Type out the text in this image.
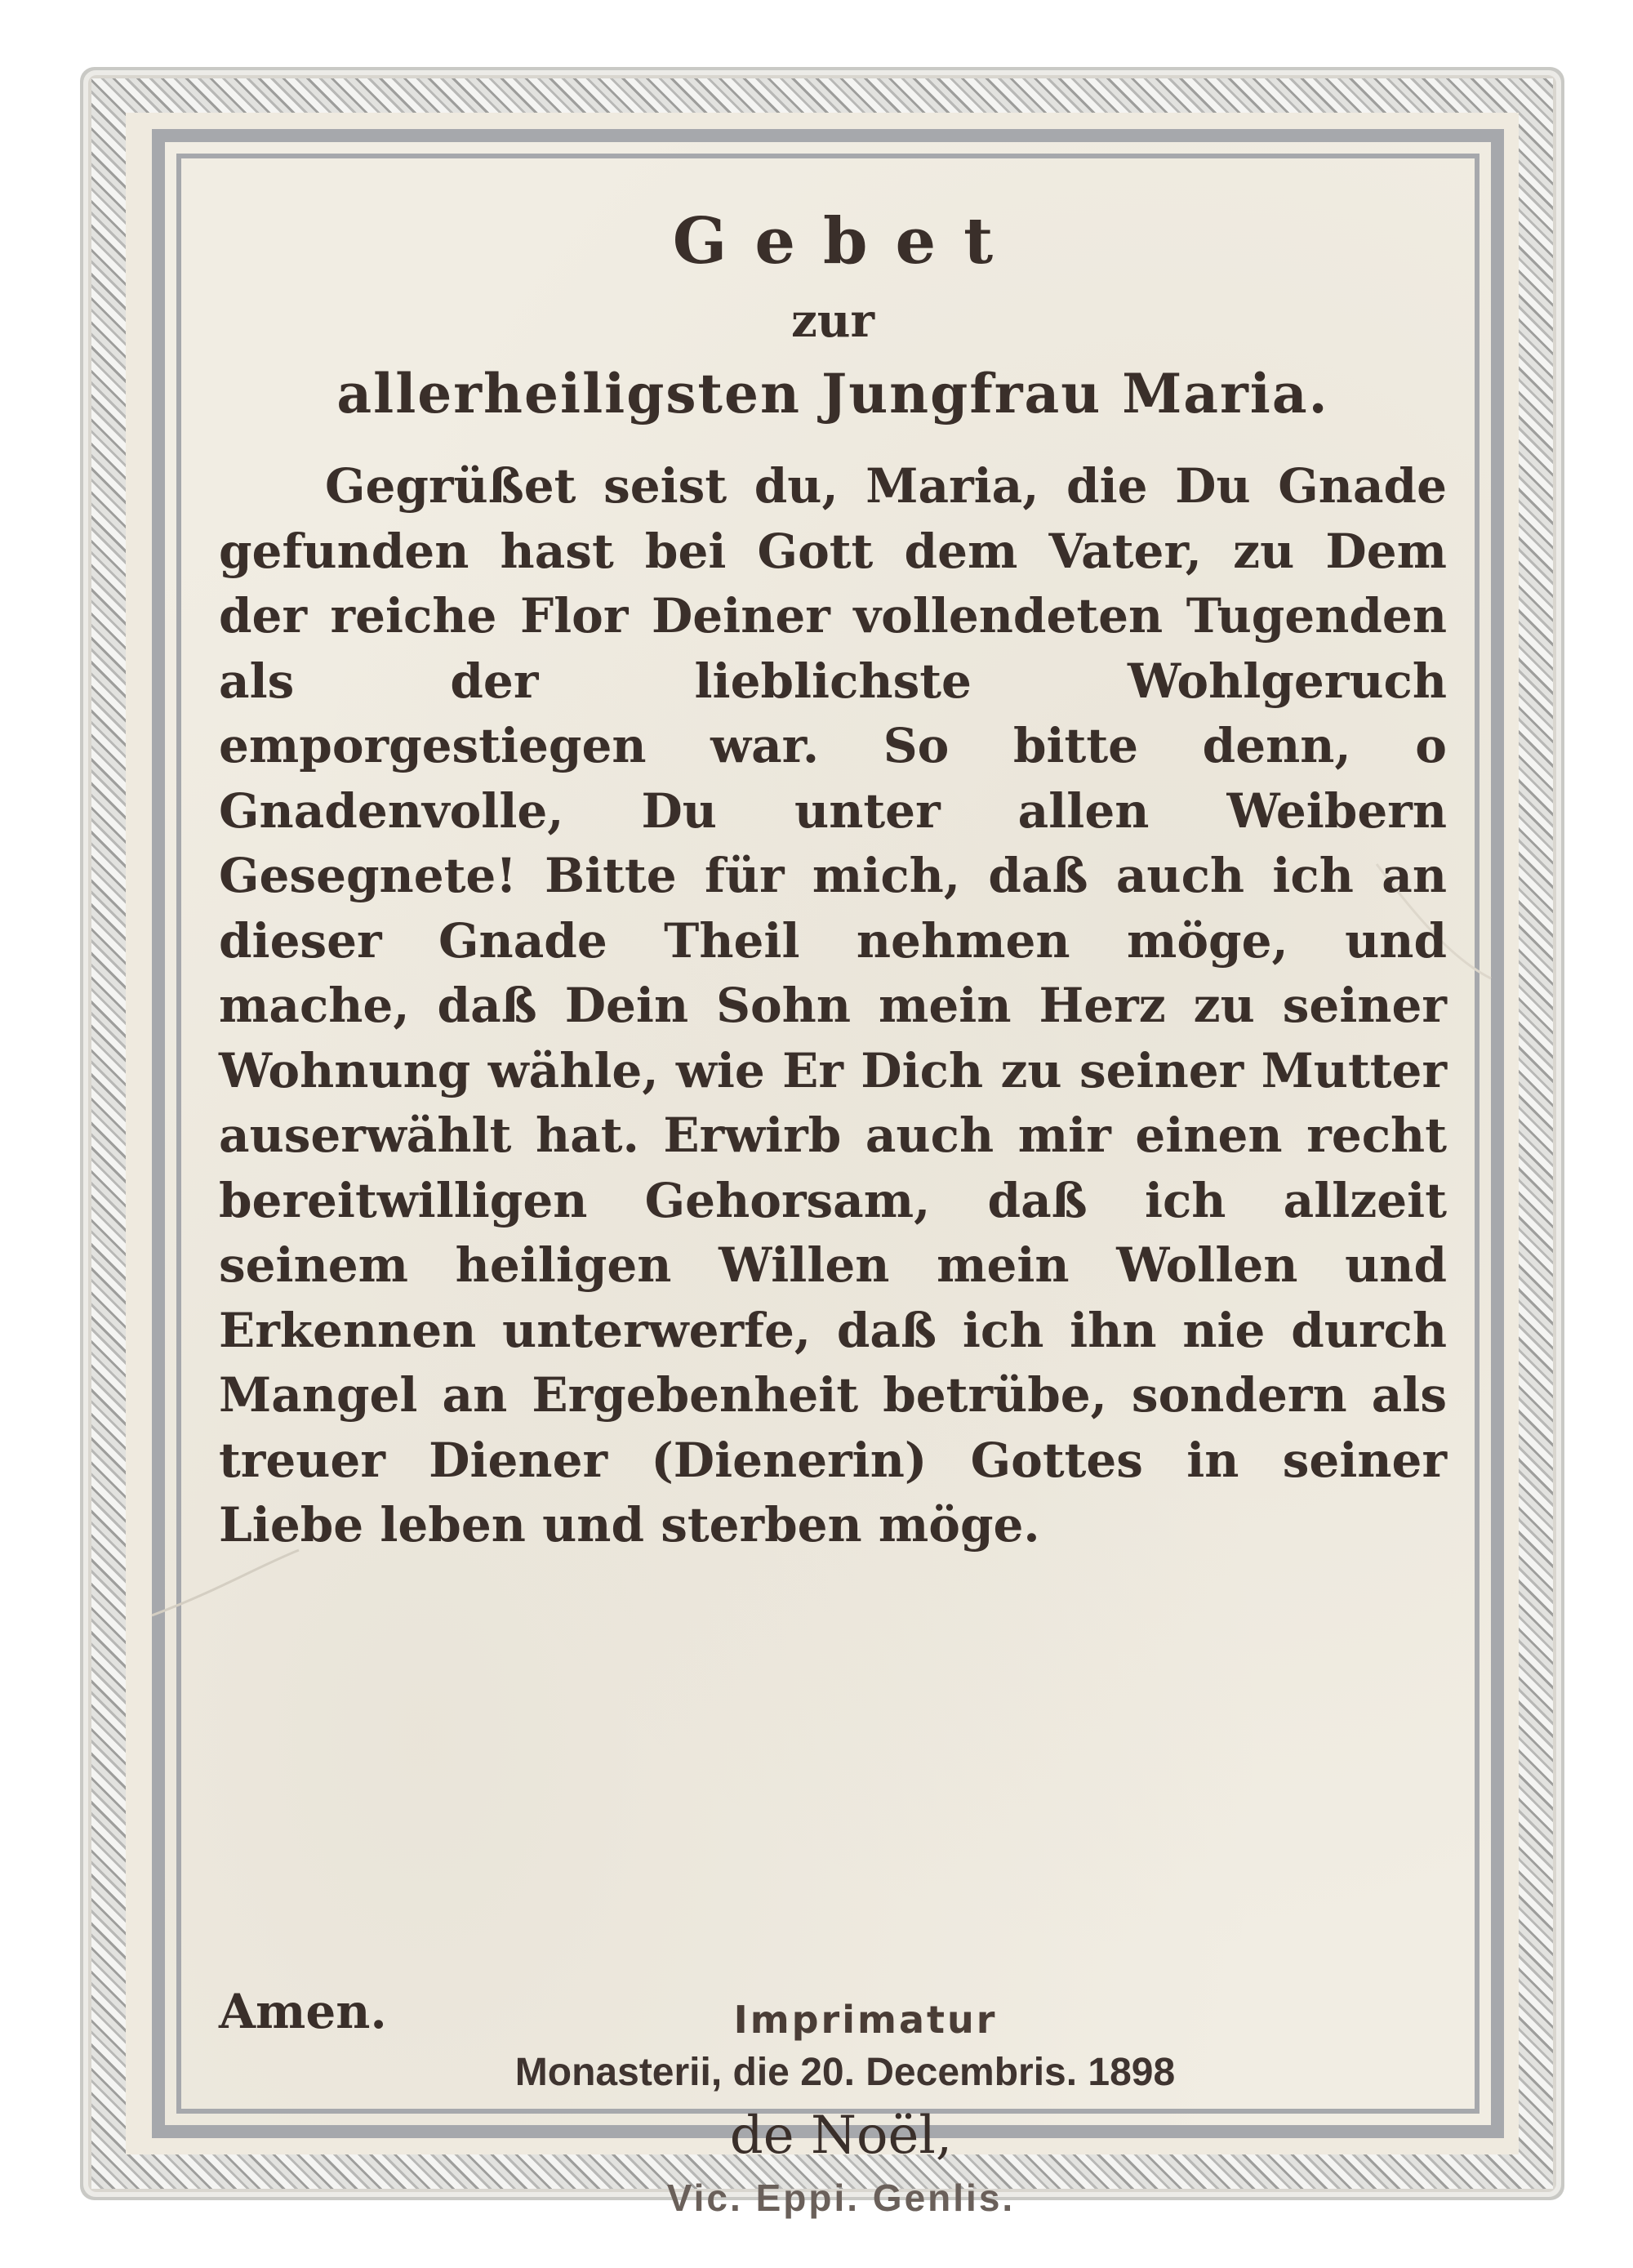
Gebet
zur
allerheiligsten Jungfrau Maria.

Gegrüßet seist du, Maria, die Du Gnade gefunden hast bei Gott dem Vater, zu Dem der reiche Flor Deiner vollendeten Tugenden als der lieblichste Wohlgeruch emporgestiegen war. So bitte denn, o Gnadenvolle, Du unter allen Weibern Gesegnete! Bitte für mich, daß auch ich an dieser Gnade Theil nehmen möge, und mache, daß Dein Sohn mein Herz zu seiner Wohnung wähle, wie Er Dich zu seiner Mutter auserwählt hat. Erwirb auch mir einen recht bereitwilligen Gehorsam, daß ich allzeit seinem heiligen Willen mein Wollen und Erkennen unterwerfe, daß ich ihn nie durch Mangel an Ergebenheit betrübe, sondern als treuer Diener (Dienerin) Gottes in seiner Liebe leben und sterben möge.

Amen.	Imprimatur
Monasterii, die 20. Decembris. 1898
de Noël,
Vic. Eppi. Genlis.
